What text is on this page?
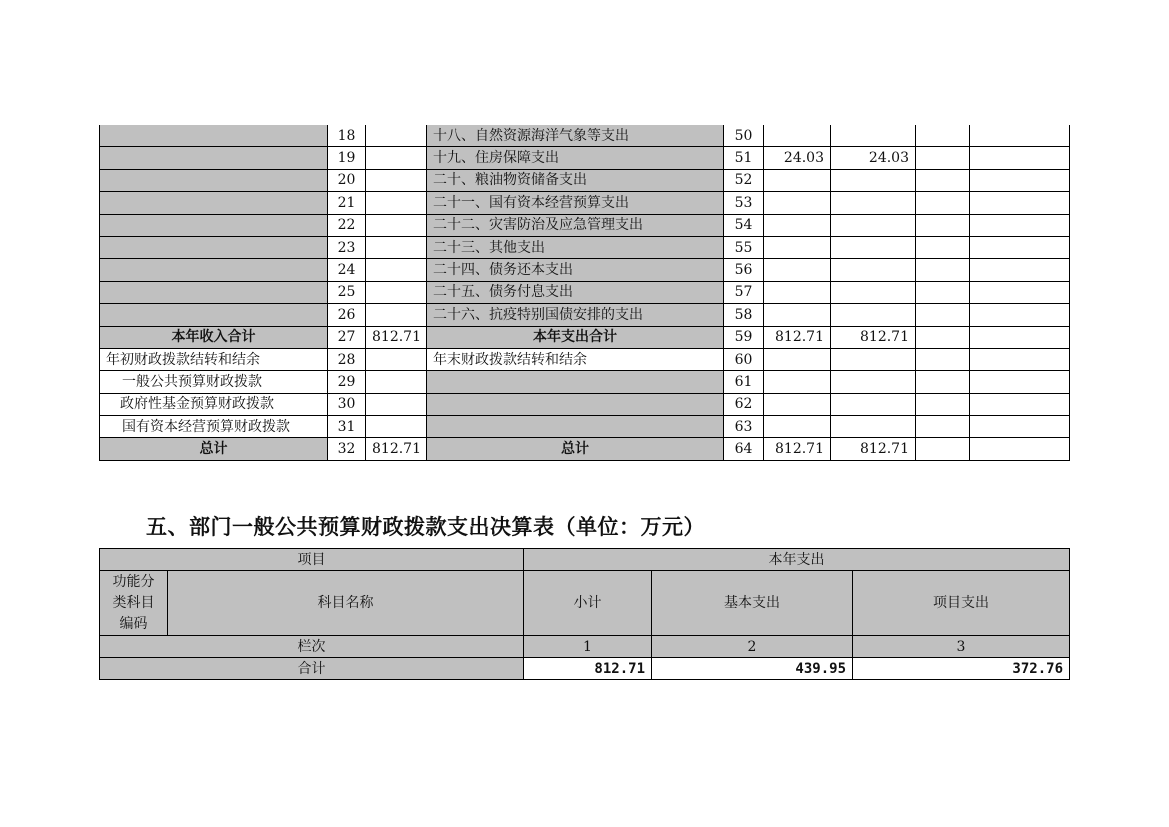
	18		十八、自然资源海洋气象等支出	50				
	19		十九、住房保障支出	51	24.03	24.03		
	20		二十、粮油物资储备支出	52				
	21		二十一、国有资本经营预算支出	53				
	22		二十二、灾害防治及应急管理支出	54				
	23		二十三、其他支出	55				
	24		二十四、债务还本支出	56				
	25		二十五、债务付息支出	57				
	26		二十六、抗疫特别国债安排的支出	58				
本年收入合计	27	812.71	本年支出合计	59	812.71	812.71		
年初财政拨款结转和结余	28		年末财政拨款结转和结余	60				
一般公共预算财政拨款	29			61				
政府性基金预算财政拨款	30			62				
国有资本经营预算财政拨款	31			63				
总计	32	812.71	总计	64	812.71	812.71		
五、部门一般公共预算财政拨款支出决算表（单位：万元）
项目		本年支出		
功能分
类科目
编码	科目名称	小计	基本支出	项目支出
栏次		1	2	3
合计		812.71	439.95	372.76
